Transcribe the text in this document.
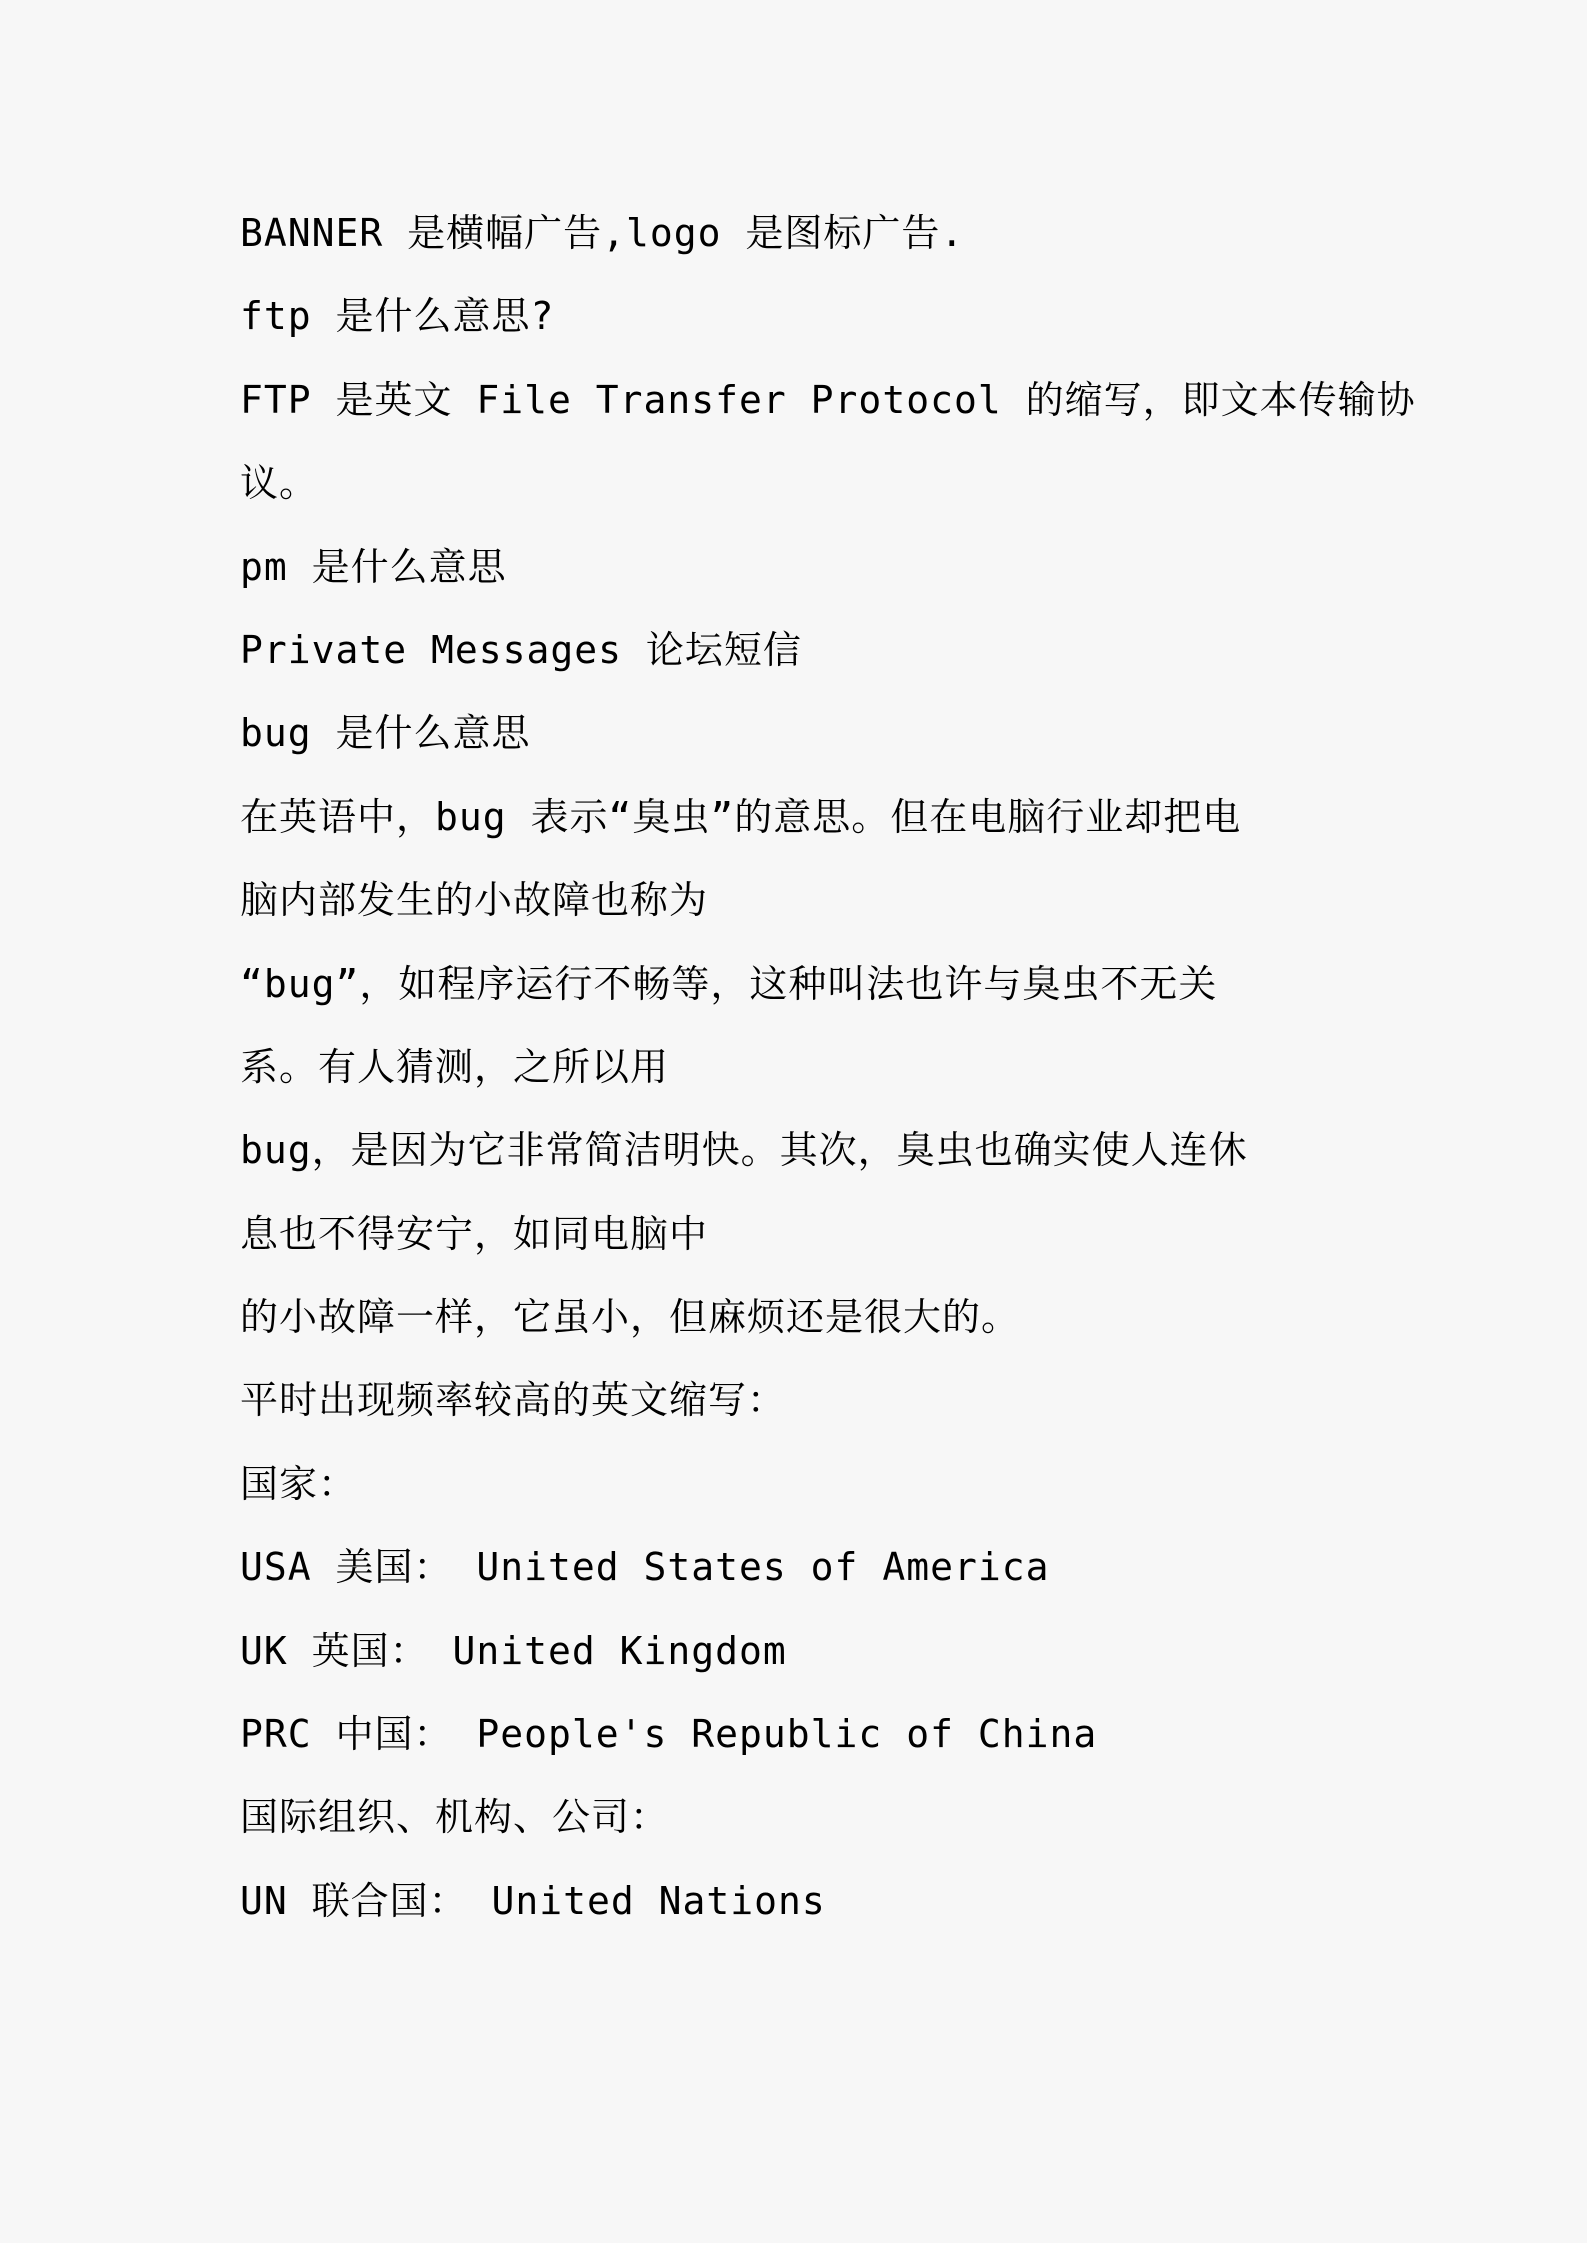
BANNER 是横幅广告,logo 是图标广告.
ftp 是什么意思?
FTP 是英文 File Transfer Protocol 的缩写，即文本传输协
议。
pm 是什么意思
Private Messages 论坛短信
bug 是什么意思
在英语中，bug 表示“臭虫”的意思。但在电脑行业却把电
脑内部发生的小故障也称为
“bug”，如程序运行不畅等，这种叫法也许与臭虫不无关
系。有人猜测，之所以用
bug，是因为它非常简洁明快。其次，臭虫也确实使人连休
息也不得安宁，如同电脑中
的小故障一样，它虽小，但麻烦还是很大的。
平时出现频率较高的英文缩写：
国家：
USA 美国： United States of America
UK 英国： United Kingdom
PRC 中国： People's Republic of China
国际组织、机构、公司：
UN 联合国： United Nations
